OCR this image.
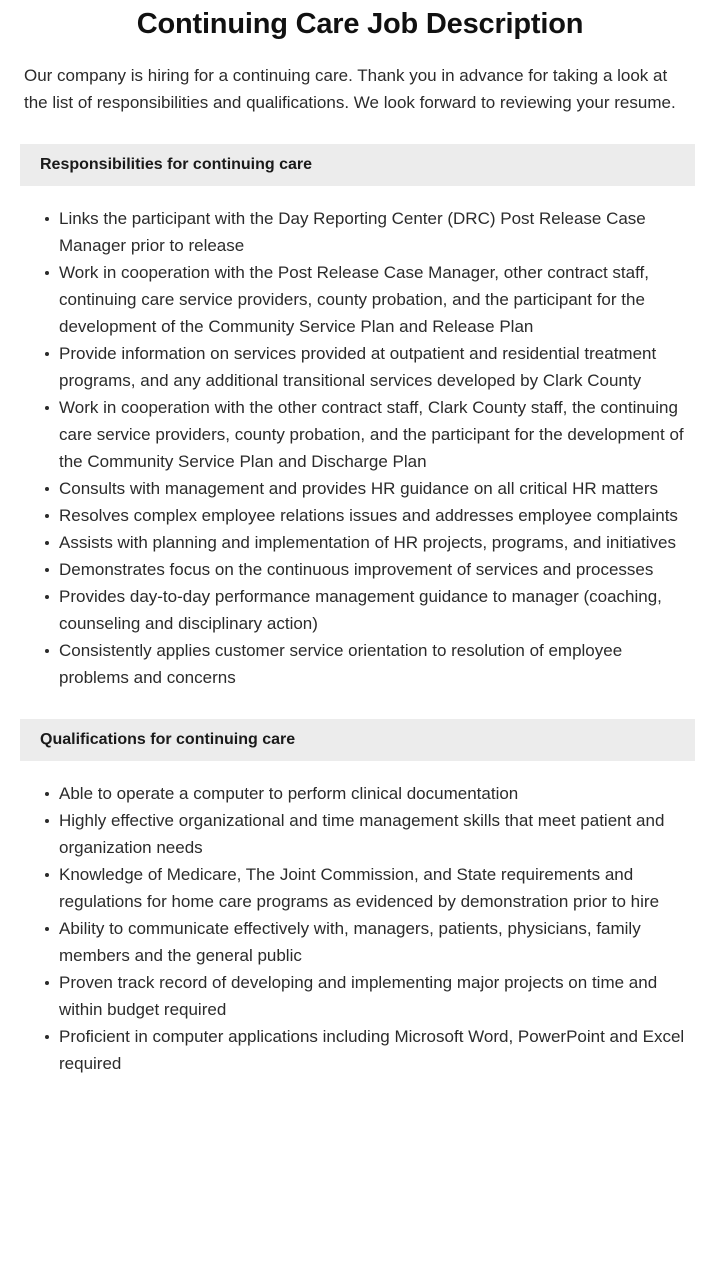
Continuing Care Job Description

Our company is hiring for a continuing care. Thank you in advance for taking a look at the list of responsibilities and qualifications. We look forward to reviewing your resume.

Responsibilities for continuing care
Links the participant with the Day Reporting Center (DRC) Post Release Case Manager prior to release
Work in cooperation with the Post Release Case Manager, other contract staff, continuing care service providers, county probation, and the participant for the development of the Community Service Plan and Release Plan
Provide information on services provided at outpatient and residential treatment programs, and any additional transitional services developed by Clark County
Work in cooperation with the other contract staff, Clark County staff, the continuing care service providers, county probation, and the participant for the development of the Community Service Plan and Discharge Plan
Consults with management and provides HR guidance on all critical HR matters
Resolves complex employee relations issues and addresses employee complaints
Assists with planning and implementation of HR projects, programs, and initiatives
Demonstrates focus on the continuous improvement of services and processes
Provides day-to-day performance management guidance to manager (coaching, counseling and disciplinary action)
Consistently applies customer service orientation to resolution of employee problems and concerns
Qualifications for continuing care
Able to operate a computer to perform clinical documentation
Highly effective organizational and time management skills that meet patient and organization needs
Knowledge of Medicare, The Joint Commission, and State requirements and regulations for home care programs as evidenced by demonstration prior to hire
Ability to communicate effectively with, managers, patients, physicians, family members and the general public
Proven track record of developing and implementing major projects on time and within budget required
Proficient in computer applications including Microsoft Word, PowerPoint and Excel required
